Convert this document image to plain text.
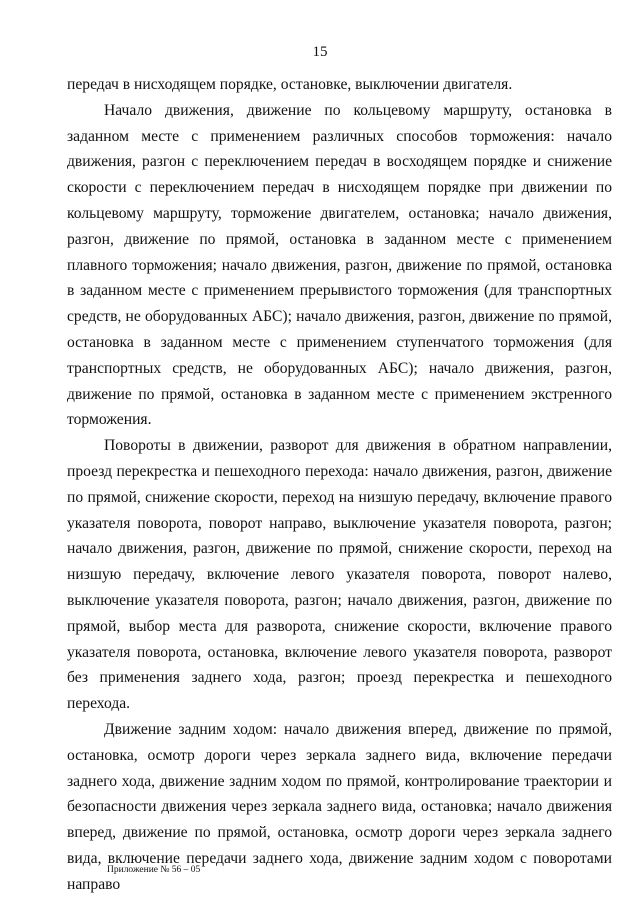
15

передач в нисходящем порядке, остановке, выключении двигателя.

Начало движения, движение по кольцевому маршруту, остановка в заданном месте с применением различных способов торможения: начало движения, разгон с переключением передач в восходящем порядке и снижение скорости с переключением передач в нисходящем порядке при движении по кольцевому маршруту, торможение двигателем, остановка; начало движения, разгон, движение по прямой, остановка в заданном месте с применением плавного торможения; начало движения, разгон, движение по прямой, остановка в заданном месте с применением прерывистого торможения (для транспортных средств, не оборудованных АБС); начало движения, разгон, движение по прямой, остановка в заданном месте с применением ступенчатого торможения (для транспортных средств, не оборудованных АБС); начало движения, разгон, движение по прямой, остановка в заданном месте с применением экстренного торможения.

Повороты в движении, разворот для движения в обратном направлении, проезд перекрестка и пешеходного перехода: начало движения, разгон, движение по прямой, снижение скорости, переход на низшую передачу, включение правого указателя поворота, поворот направо, выключение указателя поворота, разгон; начало движения, разгон, движение по прямой, снижение скорости, переход на низшую передачу, включение левого указателя поворота, поворот налево, выключение указателя поворота, разгон; начало движения, разгон, движение по прямой, выбор места для разворота, снижение скорости, включение правого указателя поворота, остановка, включение левого указателя поворота, разворот без применения заднего хода, разгон; проезд перекрестка и пешеходного перехода.

Движение задним ходом: начало движения вперед, движение по прямой, остановка, осмотр дороги через зеркала заднего вида, включение передачи заднего хода, движение задним ходом по прямой, контролирование траектории и безопасности движения через зеркала заднего вида, остановка; начало движения вперед, движение по прямой, остановка, осмотр дороги через зеркала заднего вида, включение передачи заднего хода, движение задним ходом с поворотами направо

Приложение № 56 – 05
